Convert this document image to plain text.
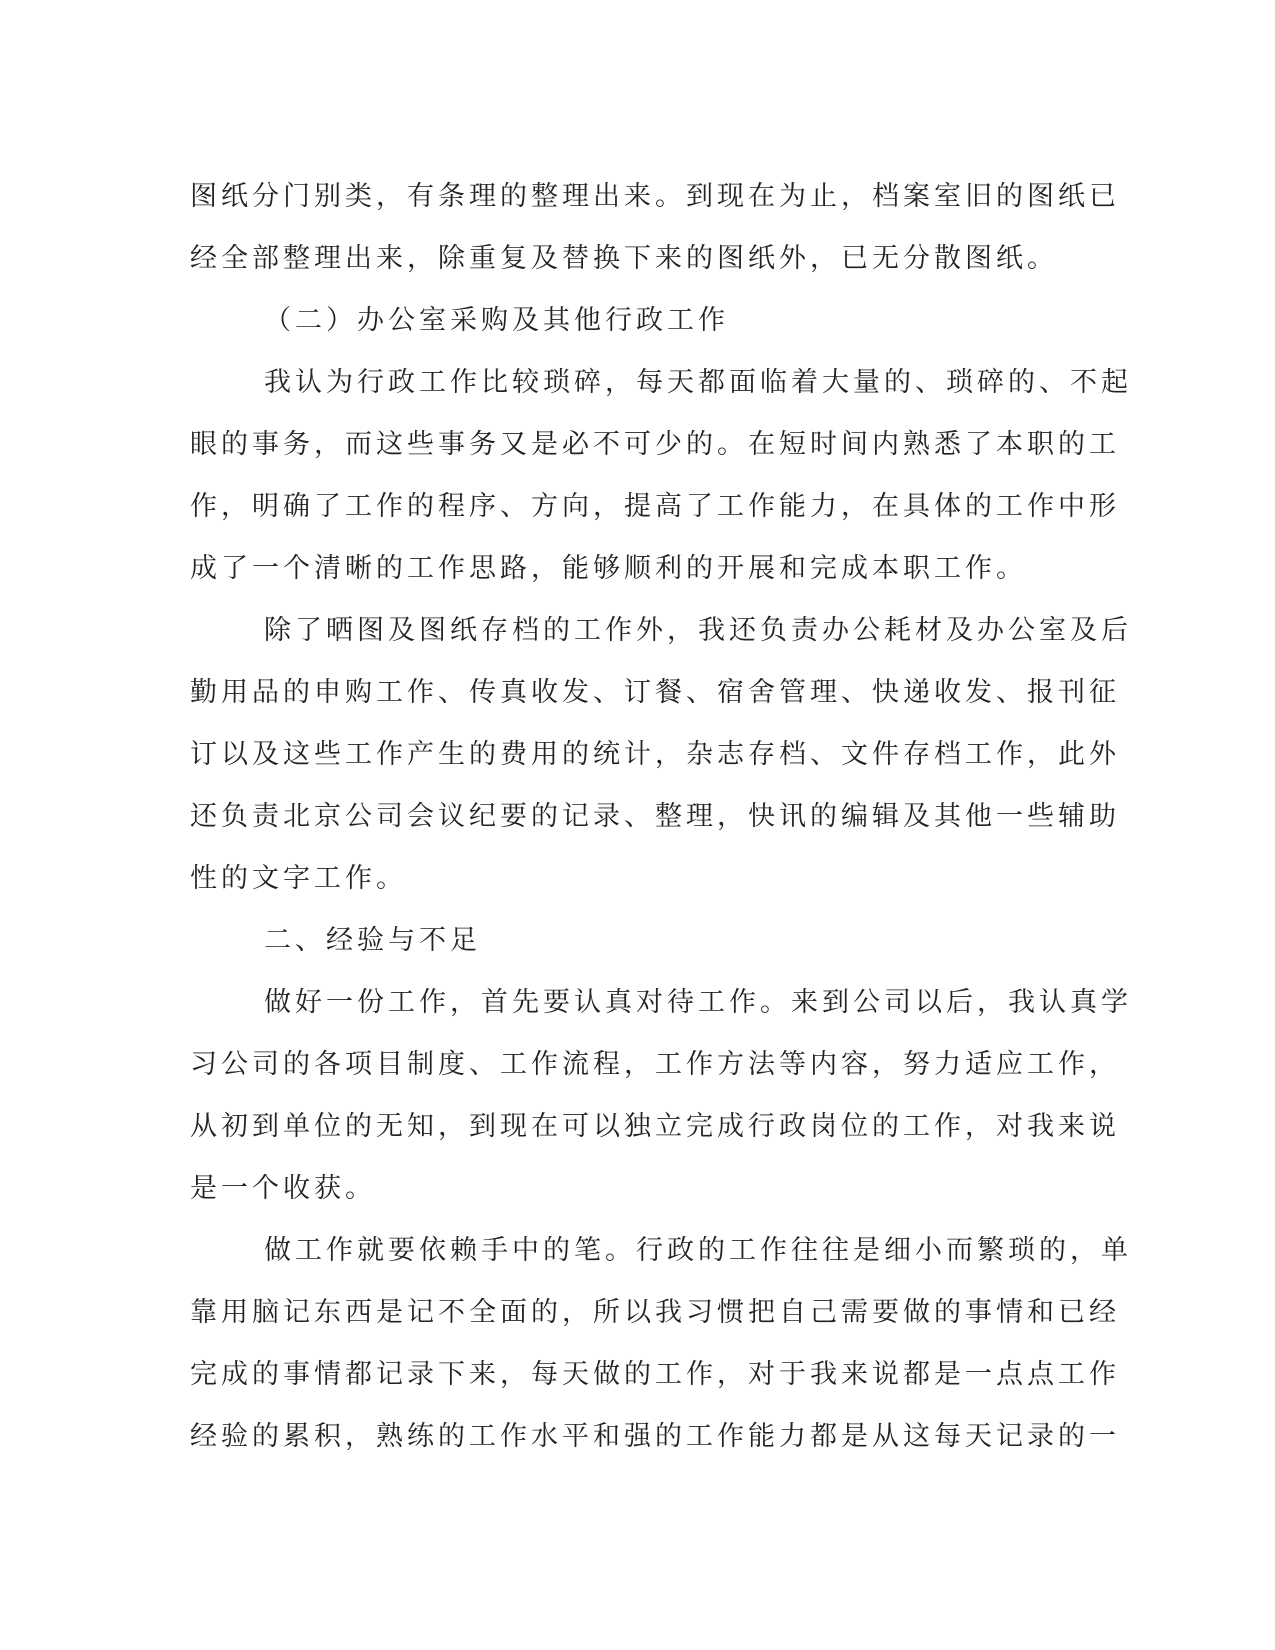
图纸分门别类，有条理的整理出来。到现在为止，档案室旧的图纸已
经全部整理出来，除重复及替换下来的图纸外，已无分散图纸。
（二）办公室采购及其他行政工作
我认为行政工作比较琐碎，每天都面临着大量的、琐碎的、不起
眼的事务，而这些事务又是必不可少的。在短时间内熟悉了本职的工
作，明确了工作的程序、方向，提高了工作能力，在具体的工作中形
成了一个清晰的工作思路，能够顺利的开展和完成本职工作。
除了晒图及图纸存档的工作外，我还负责办公耗材及办公室及后
勤用品的申购工作、传真收发、订餐、宿舍管理、快递收发、报刊征
订以及这些工作产生的费用的统计，杂志存档、文件存档工作，此外
还负责北京公司会议纪要的记录、整理，快讯的编辑及其他一些辅助
性的文字工作。
二、经验与不足
做好一份工作，首先要认真对待工作。来到公司以后，我认真学
习公司的各项目制度、工作流程，工作方法等内容，努力适应工作，
从初到单位的无知，到现在可以独立完成行政岗位的工作，对我来说
是一个收获。
做工作就要依赖手中的笔。行政的工作往往是细小而繁琐的，单
靠用脑记东西是记不全面的，所以我习惯把自己需要做的事情和已经
完成的事情都记录下来，每天做的工作，对于我来说都是一点点工作
经验的累积，熟练的工作水平和强的工作能力都是从这每天记录的一
